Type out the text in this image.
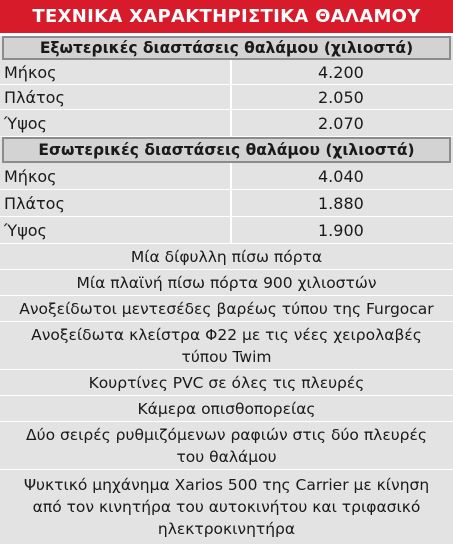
ΤΕΧΝΙΚΑ ΧΑΡΑΚΤΗΡΙΣΤΙΚΑ ΘΑΛΑΜΟΥ
Εξωτερικές διαστάσεις θαλάμου (χιλιοστά)
Μήκος	4.200
Πλάτος	2.050
Ύψος	2.070
Εσωτερικές διαστάσεις θαλάμου (χιλιοστά)
Μήκος	4.040
Πλάτος	1.880
Ύψος	1.900
Μία δίφυλλη πίσω πόρτα
Μία πλαϊνή πίσω πόρτα 900 χιλιοστών
Ανοξείδωτοι μεντεσέδες βαρέως τύπου της Furgocar
Ανοξείδωτα κλείστρα Φ22 με τις νέες χειρολαβές
τύπου Twim
Κουρτίνες PVC σε όλες τις πλευρές
Κάμερα οπισθοπορείας
Δύο σειρές ρυθμιζόμενων ραφιών στις δύο πλευρές
του θαλάμου
Ψυκτικό μηχάνημα Xarios 500 της Carrier με κίνηση
από τον κινητήρα του αυτοκινήτου και τριφασικό
ηλεκτροκινητήρα
